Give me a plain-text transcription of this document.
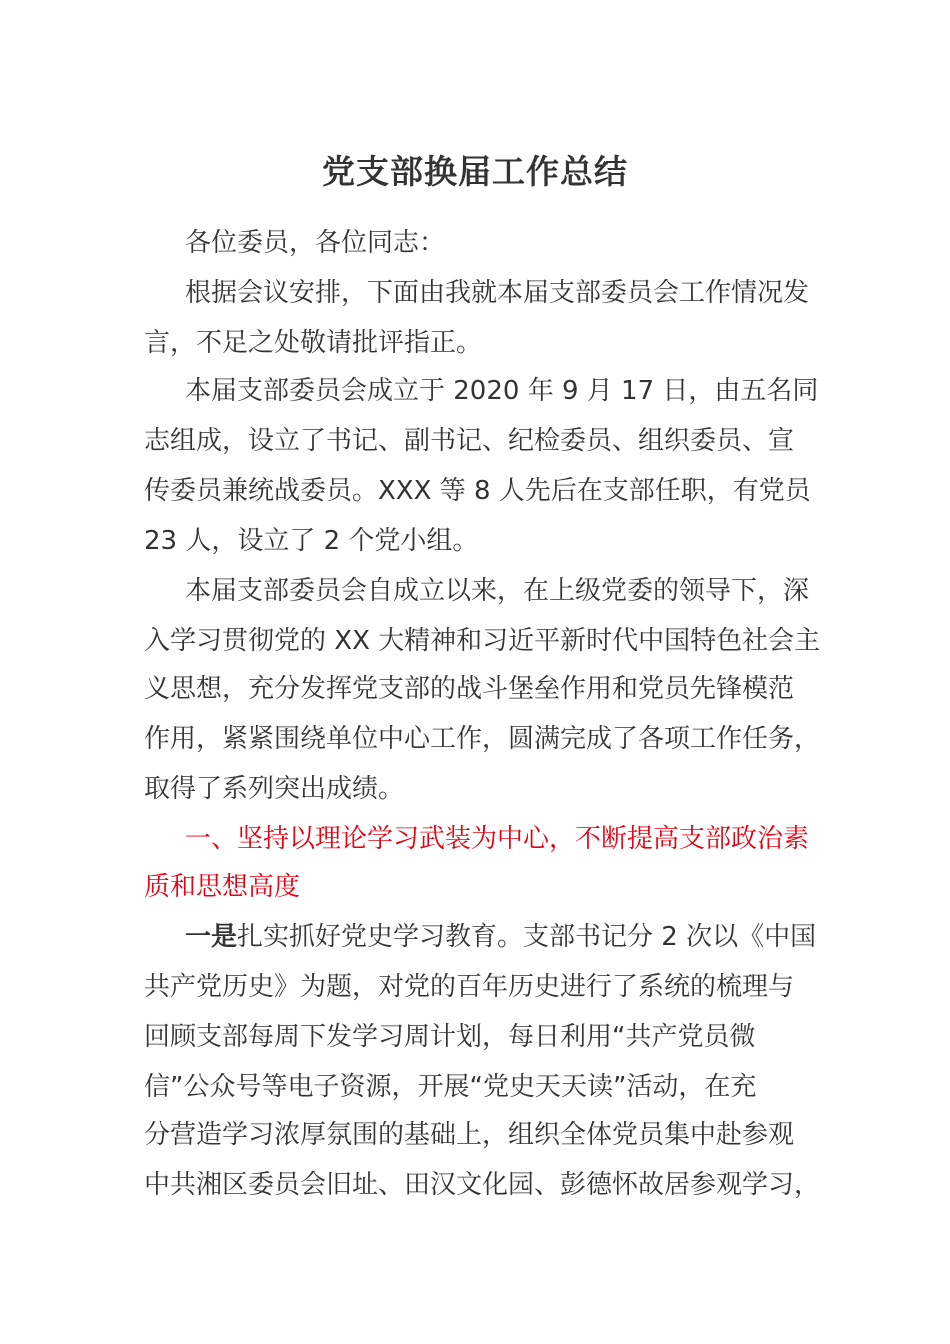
党支部换届工作总结
各位委员，各位同志：
根据会议安排，下面由我就本届支部委员会工作情况发
言，不足之处敬请批评指正。
本届支部委员会成立于 2020 年 9 月 17 日，由五名同
志组成，设立了书记、副书记、纪检委员、组织委员、宣
传委员兼统战委员。XXX 等 8 人先后在支部任职，有党员
23 人，设立了 2 个党小组。
本届支部委员会自成立以来，在上级党委的领导下，深
入学习贯彻党的 XX 大精神和习近平新时代中国特色社会主
义思想，充分发挥党支部的战斗堡垒作用和党员先锋模范
作用，紧紧围绕单位中心工作，圆满完成了各项工作任务，
取得了系列突出成绩。
一、坚持以理论学习武装为中心，不断提高支部政治素
质和思想高度
一是扎实抓好党史学习教育。支部书记分 2 次以《中国
共产党历史》为题，对党的百年历史进行了系统的梳理与
回顾支部每周下发学习周计划，每日利用“共产党员微
信”公众号等电子资源，开展“党史天天读”活动，在充
分营造学习浓厚氛围的基础上，组织全体党员集中赴参观
中共湘区委员会旧址、田汉文化园、彭德怀故居参观学习，
